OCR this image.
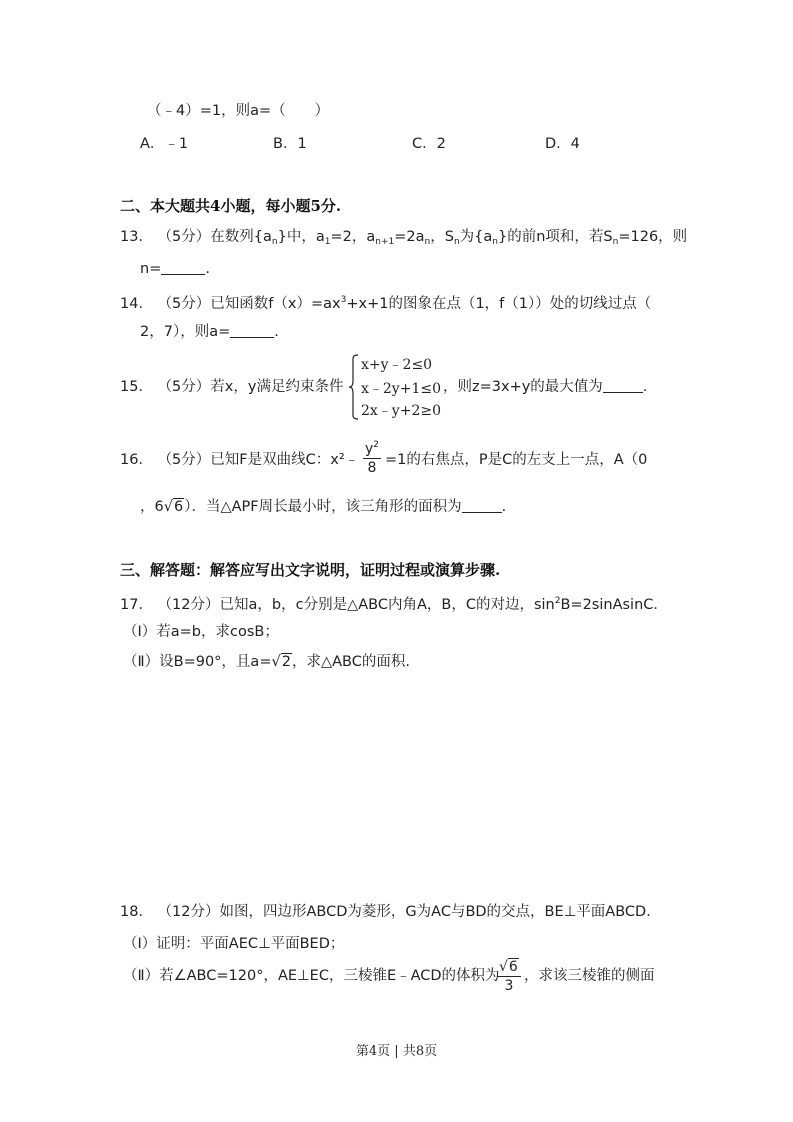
（﹣4）=1，则a=（　　）
A．﹣1	B．1	C．2	D．4
二、本大题共4小题，每小题5分.
13． （5分）在数列$\{a_n\}$中，$a_1=2$，$a_{n+1}=2a_n$，$S_n$为$\{a_n\}$的前n项和，若$S_n=126$，则
n=	.
14． （5分）已知函数$f(x)=ax^3+x+1$的图象在点（1，f（1））处的切线过点（
2，7），则a=	.
15． （5分）若x，y满足约束条件
x+y﹣2≤0
x﹣2y+1≤0
2x﹣y+2≥0
，则z=3x+y的最大值为	.
16． （5分）已知F是双曲线C：x²﹣ $\frac{y^2}{8} =1$的右焦点，P是C的左支上一点，A（0
，6√6）．当△APF周长最小时，该三角形的面积为	.
三、解答题：解答应写出文字说明，证明过程或演算步骤.
17． （12分）已知a，b，c分别是△ABC内角A，B，C的对边，$\sin^2B=2sinAsinC$．
（Ⅰ）若a=b，求cosB；
（Ⅱ）设B=90°，且a=√2，求△ABC的面积.
18． （12分）如图，四边形ABCD为菱形，G为AC与BD的交点，BE⊥平面ABCD．
（Ⅰ）证明：平面AEC⊥平面BED；
（Ⅱ）若∠ABC=120°，AE⊥EC，三棱锥E﹣ACD的体积为
$\frac{√6}{3}$ ，求该三棱锥的侧面
第4页 | 共8页
